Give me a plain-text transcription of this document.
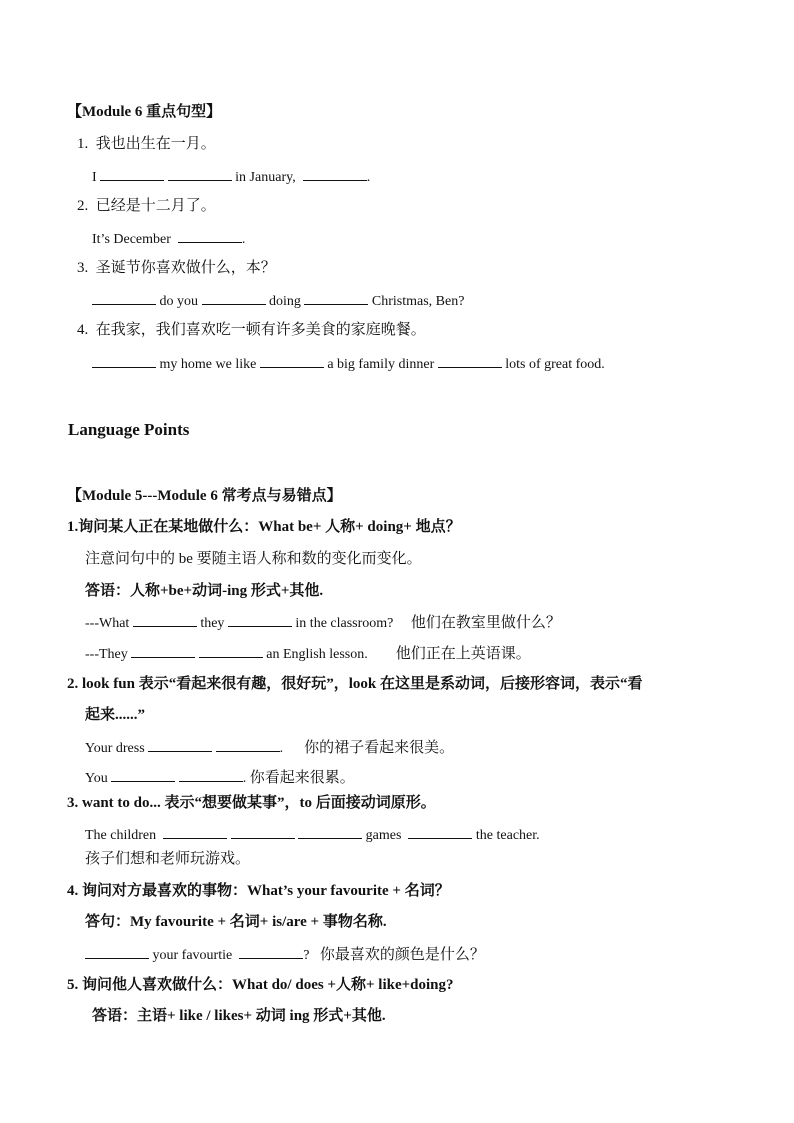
【Module 6 重点句型】
1. 我也出生在一月。
I	in January,	.
2. 已经是十二月了。
It’s December	.
3. 圣诞节你喜欢做什么，本？
do you	doing	Christmas, Ben?
4. 在我家，我们喜欢吃一顿有许多美食的家庭晚餐。
my home we like	a big family dinner	lots of great food.
Language Points
【Module 5---Module 6 常考点与易错点】
1.询问某人正在某地做什么：What be+ 人称+ doing+ 地点？
注意问句中的 be 要随主语人称和数的变化而变化。
答语：人称+be+动词-ing 形式+其他.
---What	they	in the classroom? 他们在教室里做什么？
---They	an English lesson. 他们正在上英语课。
2. look fun 表示“看起来很有趣，很好玩”，look 在这里是系动词，后接形容词，表示“看
起来......”
Your dress	. 你的裙子看起来很美。
You	. 你看起来很累。
3. want to do... 表示“想要做某事”，to 后面接动词原形。
The children	games	the teacher.
孩子们想和老师玩游戏。
4. 询问对方最喜欢的事物：What’s your favourite + 名词？
答句：My favourite + 名词+ is/are + 事物名称.
your favourtie	? 你最喜欢的颜色是什么？
5. 询问他人喜欢做什么：What do/ does +人称+ like+doing?
答语：主语+ like / likes+ 动词 ing 形式+其他.
